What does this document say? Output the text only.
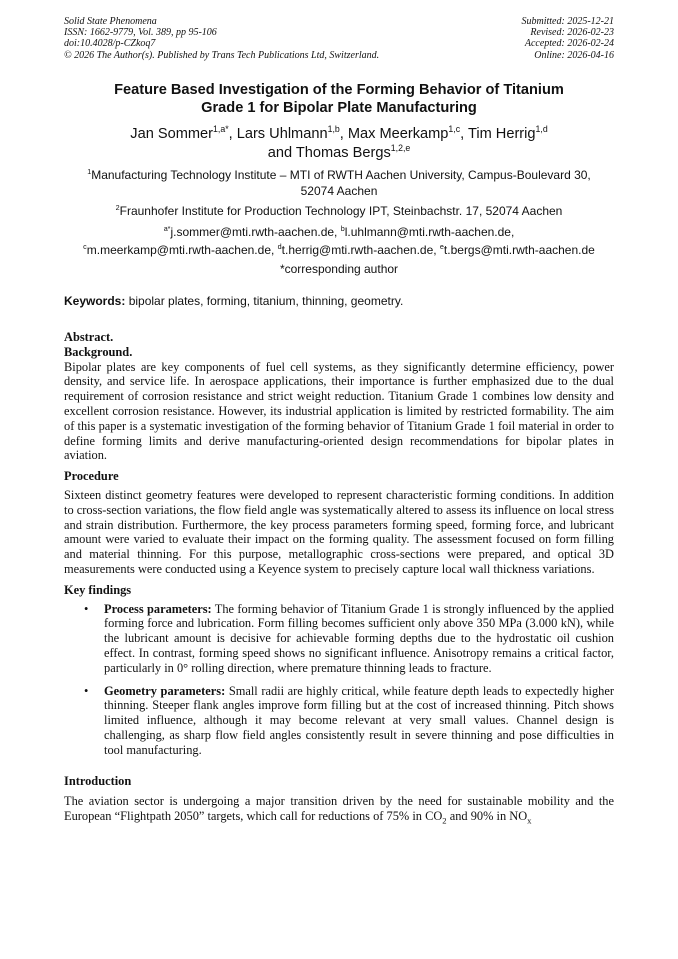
Solid State Phenomena
ISSN: 1662-9779, Vol. 389, pp 95-106
doi:10.4028/p-CZkoq7
© 2026 The Author(s). Published by Trans Tech Publications Ltd, Switzerland.
Submitted: 2025-12-21
Revised: 2026-02-23
Accepted: 2026-02-24
Online: 2026-04-16
Feature Based Investigation of the Forming Behavior of Titanium
Grade 1 for Bipolar Plate Manufacturing
Jan Sommer$^{1,a*}$, Lars Uhlmann$^{1,b}$, Max Meerkamp$^{1,c}$, Tim Herrig$^{1,d}$
and Thomas Bergs$^{1,2,e}$
$^1$Manufacturing Technology Institute – MTI of RWTH Aachen University, Campus-Boulevard 30,
52074 Aachen
$^2$Fraunhofer Institute for Production Technology IPT, Steinbachstr. 17, 52074 Aachen
$^{a*}$j.sommer@mti.rwth-aachen.de, $^b$l.uhlmann@mti.rwth-aachen.de,
$^c$m.meerkamp@mti.rwth-aachen.de, $^d$t.herrig@mti.rwth-aachen.de, $^e$t.bergs@mti.rwth-aachen.de
*corresponding author
Keywords: bipolar plates, forming, titanium, thinning, geometry.
Abstract.
Background.

Bipolar plates are key components of fuel cell systems, as they significantly determine efficiency, power density, and service life. In aerospace applications, their importance is further emphasized due to the dual requirement of corrosion resistance and strict weight reduction. Titanium Grade 1 combines low density and excellent corrosion resistance. However, its industrial application is limited by restricted formability. The aim of this paper is a systematic investigation of the forming behavior of Titanium Grade 1 foil material in order to define forming limits and derive manufacturing-oriented design recommendations for bipolar plates in aviation.

Procedure

Sixteen distinct geometry features were developed to represent characteristic forming conditions. In addition to cross-section variations, the flow field angle was systematically altered to assess its influence on local stress and strain distribution. Furthermore, the key process parameters forming speed, forming force, and lubricant amount were varied to evaluate their impact on the forming quality. The assessment focused on form filling and material thinning. For this purpose, metallographic cross-sections were prepared, and optical 3D measurements were conducted using a Keyence system to precisely capture local wall thickness variations.

Key findings
• Process parameters: The forming behavior of Titanium Grade 1 is strongly influenced by the applied forming force and lubrication. Form filling becomes sufficient only above 350 MPa (3.000 kN), while the lubricant amount is decisive for achievable forming depths due to the hydrostatic oil cushion effect. In contrast, forming speed shows no significant influence. Anisotropy remains a critical factor, particularly in 0° rolling direction, where premature thinning leads to fracture.
• Geometry parameters: Small radii are highly critical, while feature depth leads to expectedly higher thinning. Steeper flank angles improve form filling but at the cost of increased thinning. Pitch shows limited influence, although it may become relevant at very small values. Channel design is challenging, as sharp flow field angles consistently result in severe thinning and pose difficulties in tool manufacturing.
Introduction

The aviation sector is undergoing a major transition driven by the need for sustainable mobility and the European “Flightpath 2050” targets, which call for reductions of 75% in $CO_2$ and 90% in $NO_x$
